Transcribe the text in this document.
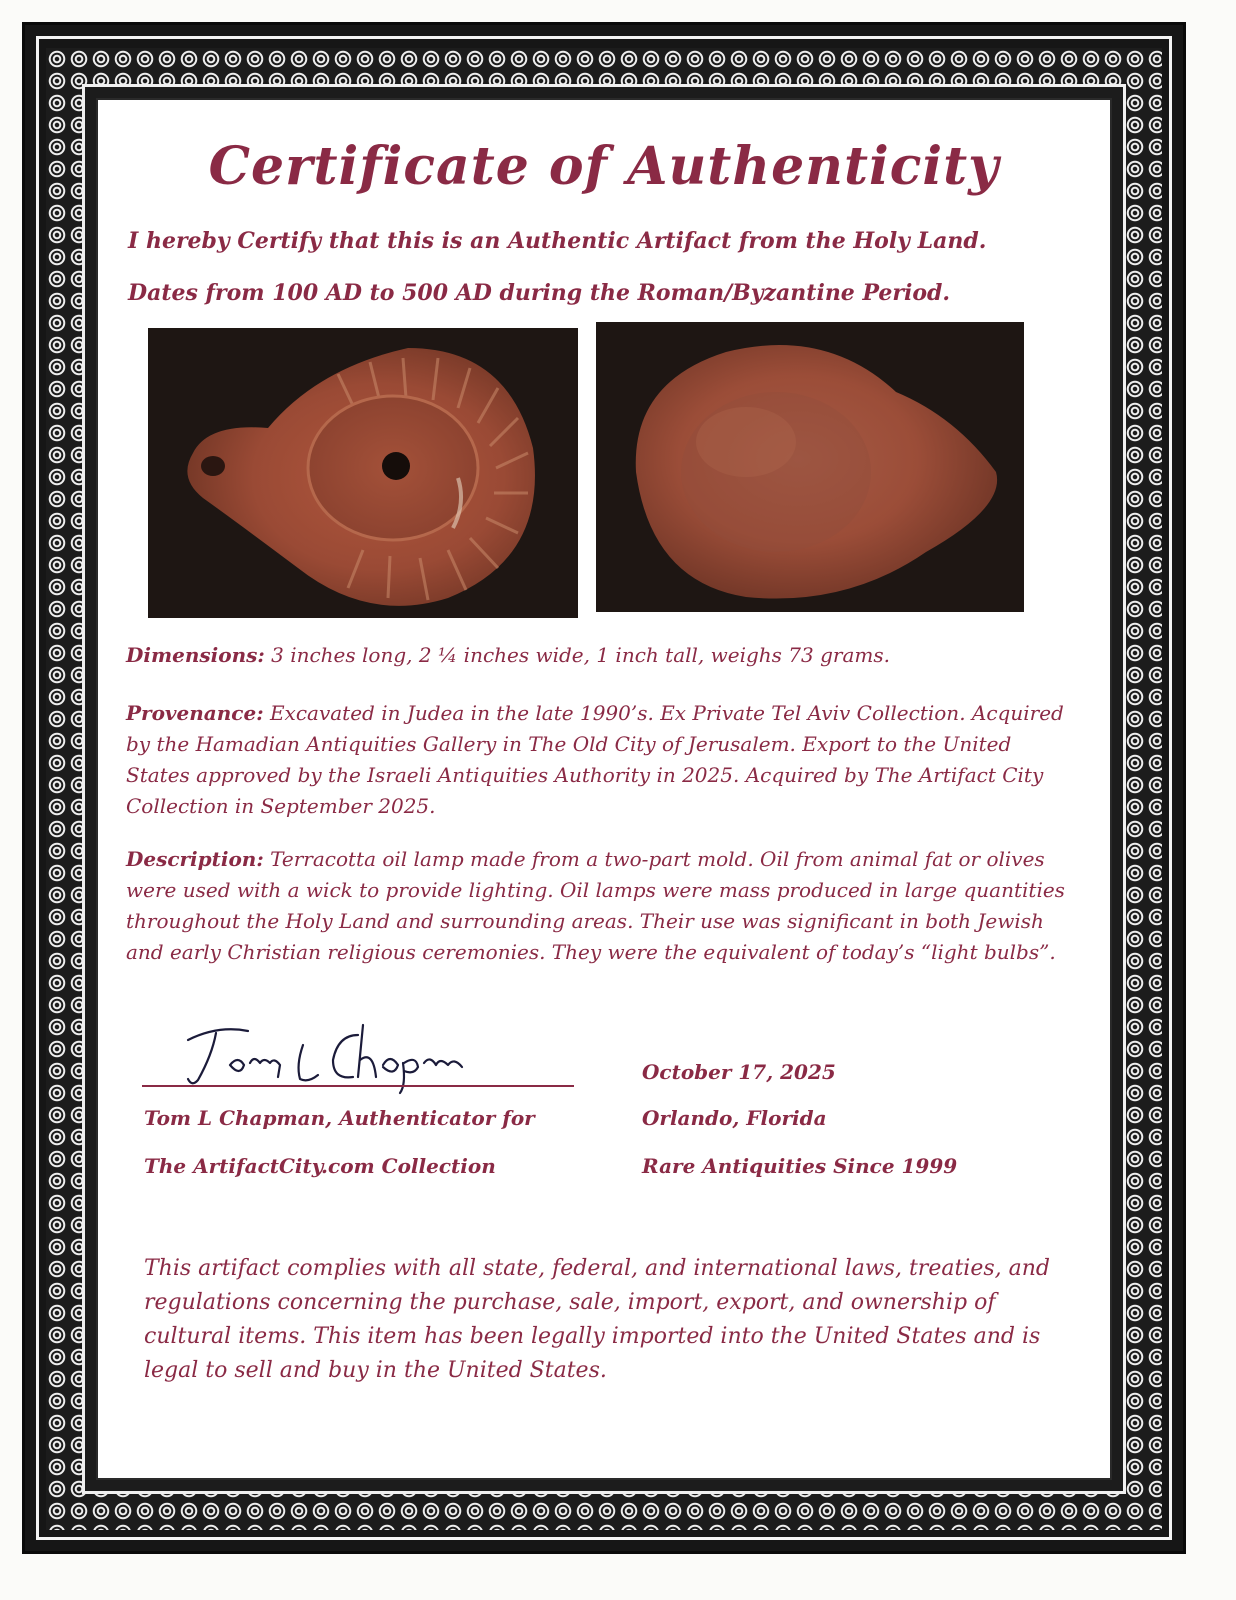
Certificate of Authenticity
I hereby Certify that this is an Authentic Artifact from the Holy Land.
Dates from 100 AD to 500 AD during the Roman/Byzantine Period.
Dimensions: 3 inches long, 2 ¼ inches wide, 1 inch tall, weighs 73 grams.
Provenance: Excavated in Judea in the late 1990’s. Ex Private Tel Aviv Collection. Acquired by the Hamadian Antiquities Gallery in The Old City of Jerusalem. Export to the United States approved by the Israeli Antiquities Authority in 2025. Acquired by The Artifact City Collection in September 2025.
Description: Terracotta oil lamp made from a two-part mold. Oil from animal fat or olives were used with a wick to provide lighting. Oil lamps were mass produced in large quantities throughout the Holy Land and surrounding areas. Their use was significant in both Jewish and early Christian religious ceremonies. They were the equivalent of today’s “light bulbs”.
Tom L Chapman, Authenticator for
The ArtifactCity.com Collection
October 17, 2025
Orlando, Florida
Rare Antiquities Since 1999
This artifact complies with all state, federal, and international laws, treaties, and regulations concerning the purchase, sale, import, export, and ownership of cultural items. This item has been legally imported into the United States and is legal to sell and buy in the United States.
